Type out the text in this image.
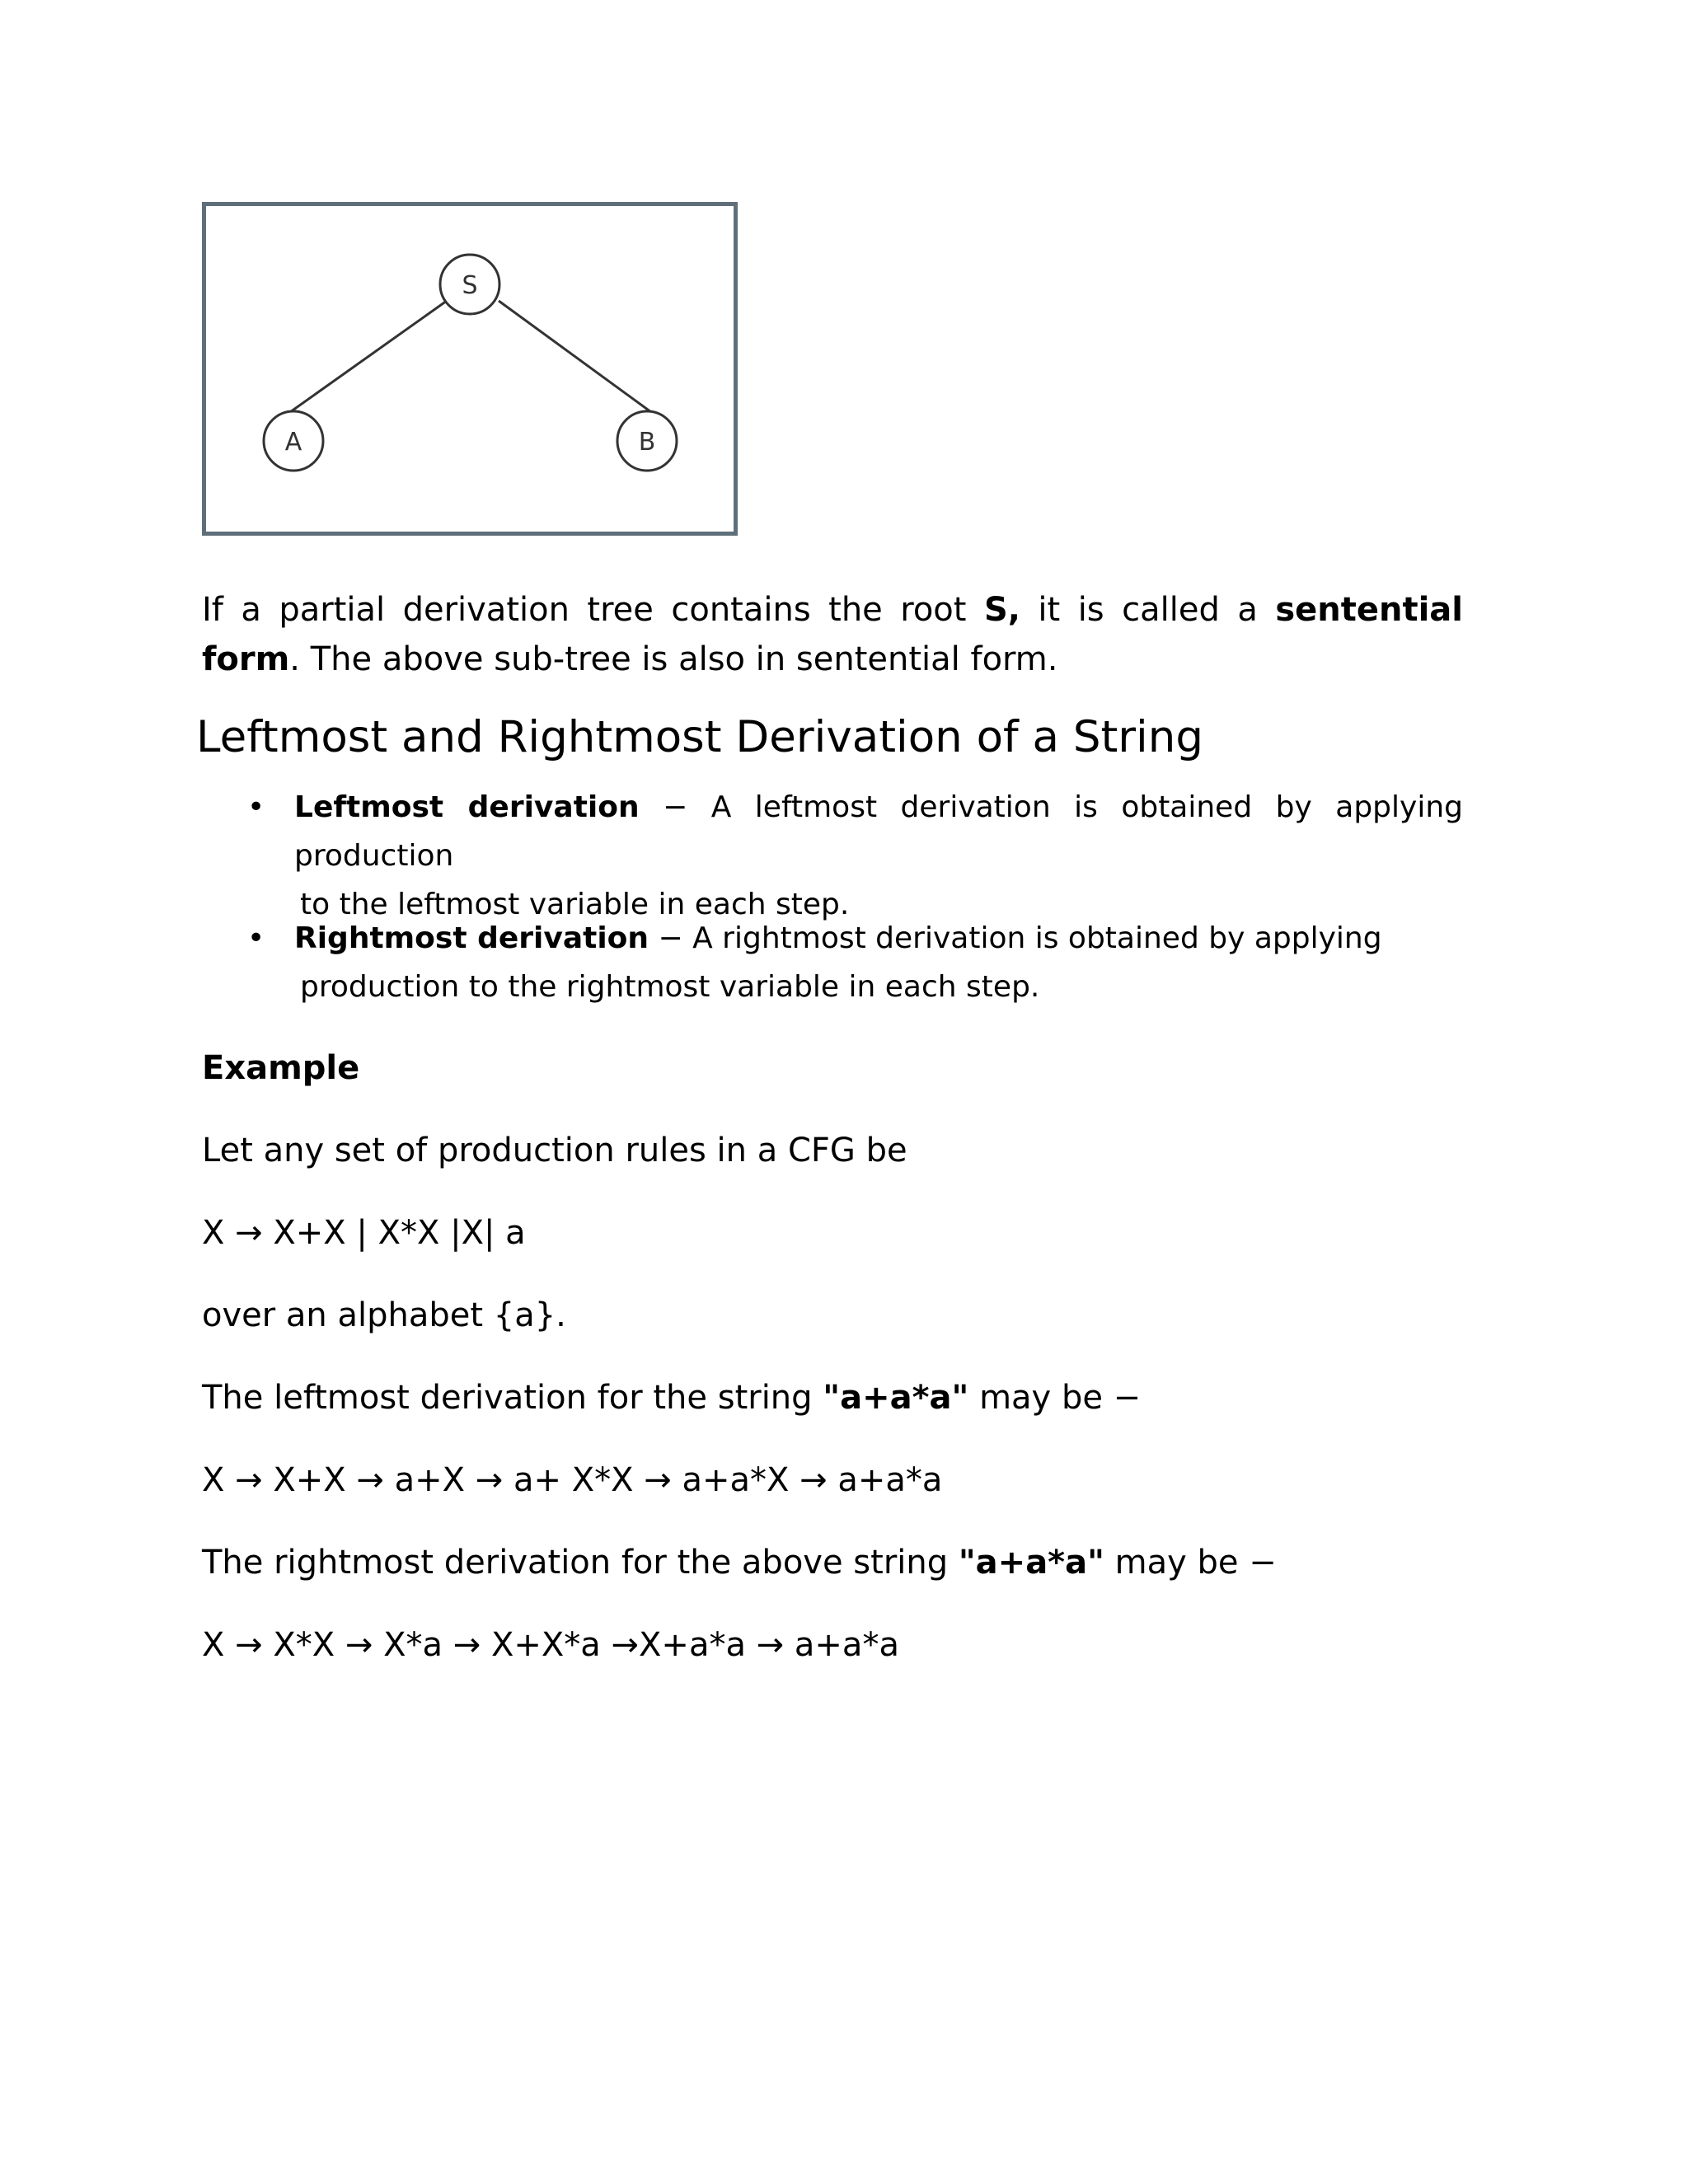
S
A	B

If a partial derivation tree contains the root S, it is called a sentential form. The above sub-tree is also in sentential form.

Leftmost and Rightmost Derivation of a String
• Leftmost derivation − A leftmost derivation is obtained by applying production
to the leftmost variable in each step.
• Rightmost derivation − A rightmost derivation is obtained by applying
production to the rightmost variable in each step.
Example
Let any set of production rules in a CFG be
X → X+X | X*X |X| a
over an alphabet {a}.
The leftmost derivation for the string "a+a*a" may be −
X → X+X → a+X → a+ X*X → a+a*X → a+a*a
The rightmost derivation for the above string "a+a*a" may be −
X → X*X → X*a → X+X*a →X+a*a → a+a*a
